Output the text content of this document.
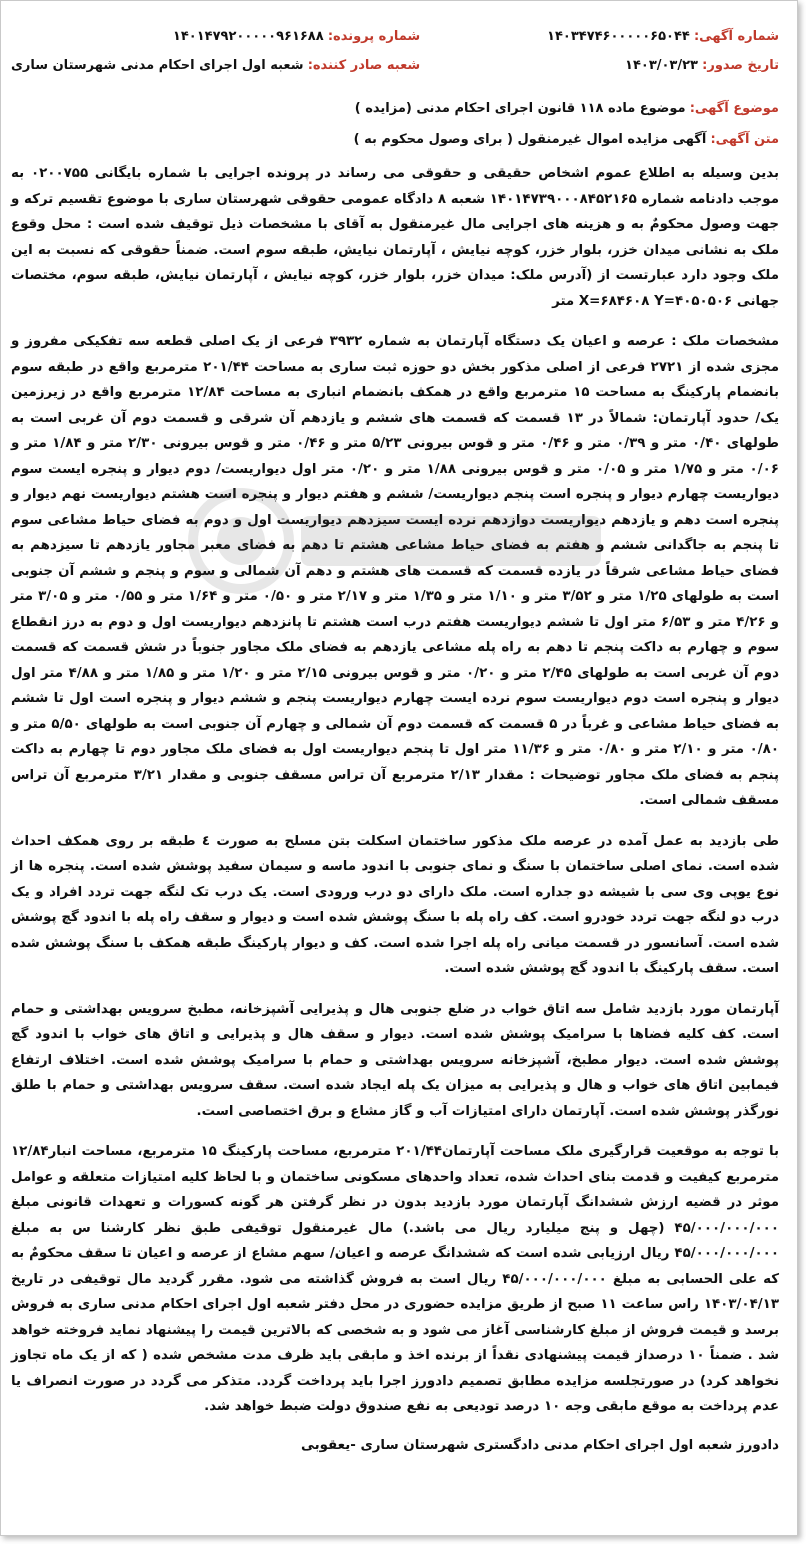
شماره آگهی: ۱۴۰۳۴۷۴۶۰۰۰۰۰۶۵۰۴۴
شماره پرونده: ۱۴۰۱۴۷۹۲۰۰۰۰۰۹۶۱۶۸۸
تاریخ صدور: ۱۴۰۳/۰۳/۲۳
شعبه صادر کننده: شعبه اول اجرای احکام مدنی شهرستان ساری
موضوع آگهی: موضوع ماده ۱۱۸ قانون اجرای احکام مدنی (مزایده )
متن آگهی: آگهی مزایده اموال غیرمنقول ( برای وصول محکوم به )

بدین وسیله به اطلاع عموم اشخاص حقیقی و حقوقی می رساند در پرونده اجرایی با شماره بایگانی ۰۲۰۰۷۵۵ به موجب دادنامه شماره ۱۴۰۱۴۷۳۹۰۰۰۸۴۵۲۱۶۵ شعبه ۸ دادگاه عمومی حقوقی شهرستان ساری با موضوع تقسیم ترکه و جهت وصول محکومٌ به و هزینه های اجرایی مال غیرمنقول به آقای با مشخصات ذیل توقیف شده است : محل وقوع ملک به نشانی میدان خزر، بلوار خزر، کوچه نیایش ، آپارتمان نیایش، طبقه سوم است. ضمناً حقوقی که نسبت به این ملک وجود دارد عبارتست از (آدرس ملک: میدان خزر، بلوار خزر، کوچه نیایش ، آپارتمان نیایش، طبقه سوم، مختصات جهانی X=۶۸۴۶۰۸ Y=۴۰۵۰۵۰۶ متر

مشخصات ملک : عرصه و اعیان یک دستگاه آپارتمان به شماره ۳۹۳۲ فرعی از یک اصلی قطعه سه تفکیکی مفروز و مجزی شده از ۲۷۲۱ فرعی از اصلی مذکور بخش دو حوزه ثبت ساری به مساحت ۲۰۱/۴۴ مترمربع واقع در طبقه سوم بانضمام پارکینگ به مساحت ۱۵ مترمربع واقع در همکف بانضمام انباری به مساحت ۱۲/۸۴ مترمربع واقع در زیرزمین یک/ حدود آپارتمان: شمالاً در ۱۳ قسمت که قسمت های ششم و یازدهم آن شرقی و قسمت دوم آن غربی است به طولهای ۰/۴۰ متر و ۰/۳۹ متر و ۰/۴۶ متر و قوس بیرونی ۵/۲۳ متر و ۰/۴۶ متر و قوس بیرونی ۲/۳۰ متر و ۱/۸۴ متر و ۰/۰۶ متر و ۱/۷۵ متر و ۰/۰۵ متر و قوس بیرونی ۱/۸۸ متر و ۰/۲۰ متر اول دیواریست/ دوم دیوار و پنجره ایست سوم دیواریست چهارم دیوار و پنجره است پنجم دیواریست/ ششم و هفتم دیوار و پنجره است هشتم دیواریست نهم دیوار و پنجره است دهم و یازدهم دیواریست دوازدهم نرده ایست سیزدهم دیواریست اول و دوم به فضای حیاط مشاعی سوم تا پنجم به جاگدانی ششم و هفتم به فضای حیاط مشاعی هشتم تا دهم به فضای معبر مجاور یازدهم تا سیزدهم به فضای حیاط مشاعی شرقاً در یازده قسمت که قسمت های هشتم و دهم آن شمالی و سوم و پنجم و ششم آن جنوبی است به طولهای ۱/۲۵ متر و ۳/۵۲ متر و ۱/۱۰ متر و ۱/۳۵ متر و ۲/۱۷ متر و ۰/۵۰ متر و ۱/۶۴ متر و ۰/۵۵ متر و ۳/۰۵ متر و ۴/۲۶ متر و ۶/۵۳ متر اول تا ششم دیواریست هفتم درب است هشتم تا پانزدهم دیواریست اول و دوم به درز انقطاع سوم و چهارم به داکت پنجم تا دهم به راه پله مشاعی یازدهم به فضای ملک مجاور جنوباً در شش قسمت که قسمت دوم آن غربی است به طولهای ۲/۴۵ متر و ۰/۲۰ متر و قوس بیرونی ۲/۱۵ متر و ۱/۲۰ متر و ۱/۸۵ متر و ۴/۸۸ متر اول دیوار و پنجره است دوم دیواریست سوم نرده ایست چهارم دیواریست پنجم و ششم دیوار و پنجره است اول تا ششم به فضای حیاط مشاعی و غرباً در ۵ قسمت که قسمت دوم آن شمالی و چهارم آن جنوبی است به طولهای ۵/۵۰ متر و ۰/۸۰ متر و ۲/۱۰ متر و ۰/۸۰ متر و ۱۱/۳۶ متر اول تا پنجم دیواریست اول به فضای ملک مجاور دوم تا چهارم به داکت پنجم به فضای ملک مجاور توضیحات : مقدار ۲/۱۳ مترمربع آن تراس مسقف جنوبی و مقدار ۳/۲۱ مترمربع آن تراس مسقف شمالی است.

طی بازدید به عمل آمده در عرصه ملک مذکور ساختمان اسکلت بتن مسلح به صورت ٤ طبقه بر روی همکف احداث شده است. نمای اصلی ساختمان با سنگ و نمای جنوبی با اندود ماسه و سیمان سفید پوشش شده است. پنجره ها از نوع یوپی وی سی با شیشه دو جداره است. ملک دارای دو درب ورودی است. یک درب تک لنگه جهت تردد افراد و یک درب دو لنگه جهت تردد خودرو است. کف راه پله با سنگ پوشش شده است و دیوار و سقف راه پله با اندود گچ پوشش شده است. آسانسور در قسمت میانی راه پله اجرا شده است. کف و دیوار پارکینگ طبقه همکف با سنگ پوشش شده است. سقف پارکینگ با اندود گچ پوشش شده است.

آپارتمان مورد بازدید شامل سه اتاق خواب در ضلع جنوبی هال و پذیرایی آشپزخانه، مطبخ سرویس بهداشتی و حمام است. کف کلیه فضاها با سرامیک پوشش شده است. دیوار و سقف هال و پذیرایی و اتاق های خواب با اندود گچ پوشش شده است. دیوار مطبخ، آشپزخانه سرویس بهداشتی و حمام با سرامیک پوشش شده است. اختلاف ارتفاع فیمابین اتاق های خواب و هال و پذیرایی به میزان یک پله ایجاد شده است. سقف سرویس بهداشتی و حمام با طلق نورگذر پوشش شده است. آپارتمان دارای امتیازات آب و گاز مشاع و برق اختصاصی است.

با توجه به موقعیت قرارگیری ملک مساحت آپارتمان۲۰۱/۴۴ مترمربع، مساحت پارکینگ ۱۵ مترمربع، مساحت انبار۱۲/۸۴ مترمربع کیفیت و قدمت بنای احداث شده، تعداد واحدهای مسکونی ساختمان و با لحاظ کلیه امتیازات متعلقه و عوامل موثر در قضیه ارزش ششدانگ آپارتمان مورد بازدید بدون در نظر گرفتن هر گونه کسورات و تعهدات قانونی مبلغ ۴۵/۰۰۰/۰۰۰/۰۰۰ (چهل و پنج میلیارد ریال می باشد.) مال غیرمنقول توقیفی طبق نظر کارشنا س به مبلغ ۴۵/۰۰۰/۰۰۰/۰۰۰ ریال ارزیابی شده است که ششدانگ عرصه و اعیان/ سهم مشاع از عرصه و اعیان تا سقف محکومٌ به که علی الحسابی به مبلغ ۴۵/۰۰۰/۰۰۰/۰۰۰ ریال است به فروش گذاشته می شود. مقرر گردید مال توقیفی در تاریخ ۱۴۰۳/۰۴/۱۳ راس ساعت ۱۱ صبح از طریق مزایده حضوری در محل دفتر شعبه اول اجرای احکام مدنی ساری به فروش برسد و قیمت فروش از مبلغ کارشناسی آغاز می شود و به شخصی که بالاترین قیمت را پیشنهاد نماید فروخته خواهد شد . ضمناً ۱۰ درصداز قیمت پیشنهادی نقداً از برنده اخذ و مابقی باید ظرف مدت مشخص شده ( که از یک ماه تجاوز نخواهد کرد) در صورتجلسه مزایده مطابق تصمیم دادورز اجرا باید پرداخت گردد. متذکر می گردد در صورت انصراف یا عدم پرداخت به موقع مابقی وجه ۱۰ درصد تودیعی به نفع صندوق دولت ضبط خواهد شد.

دادورز شعبه اول اجرای احکام مدنی دادگستری شهرستان ساری -یعقوبی
